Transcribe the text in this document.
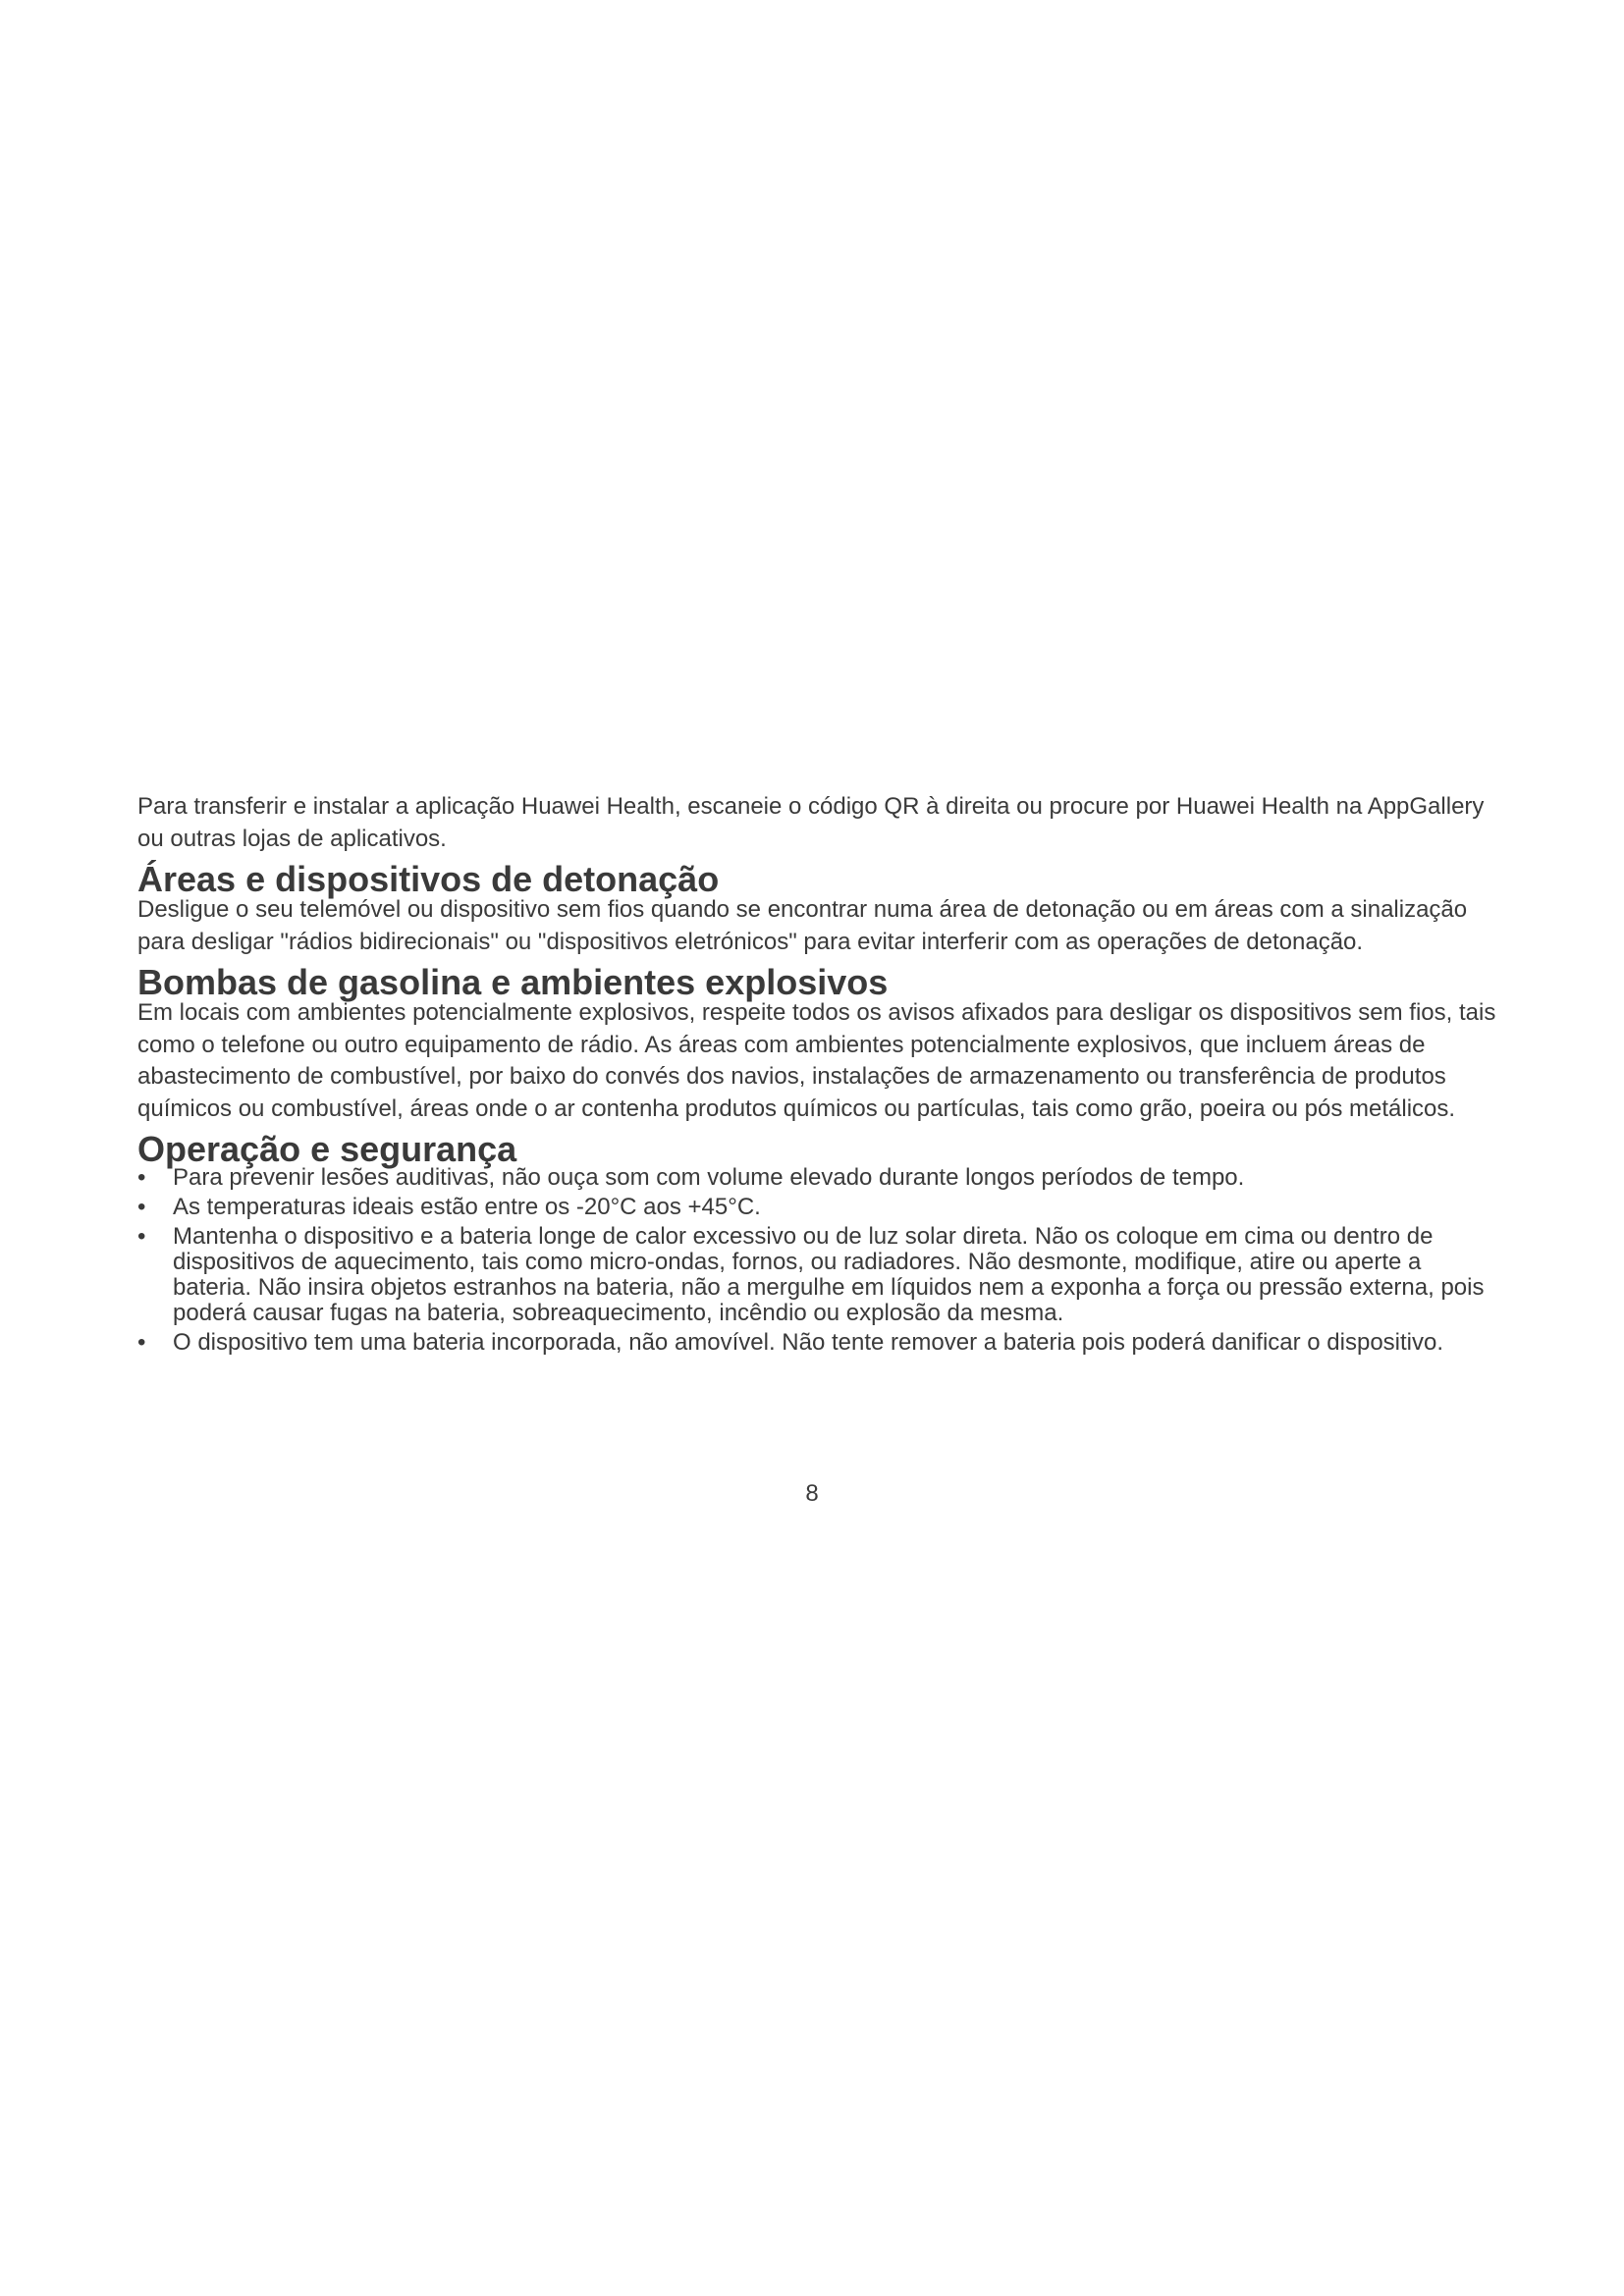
Para transferir e instalar a aplicação Huawei Health, escaneie o código QR à direita ou procure por Huawei Health na AppGallery ou outras lojas de aplicativos.

Áreas e dispositivos de detonação

Desligue o seu telemóvel ou dispositivo sem fios quando se encontrar numa área de detonação ou em áreas com a sinalização para desligar "rádios bidirecionais" ou "dispositivos eletrónicos" para evitar interferir com as operações de detonação.

Bombas de gasolina e ambientes explosivos

Em locais com ambientes potencialmente explosivos, respeite todos os avisos afixados para desligar os dispositivos sem fios, tais como o telefone ou outro equipamento de rádio. As áreas com ambientes potencialmente explosivos, que incluem áreas de abastecimento de combustível, por baixo do convés dos navios, instalações de armazenamento ou transferência de produtos químicos ou combustível, áreas onde o ar contenha produtos químicos ou partículas, tais como grão, poeira ou pós metálicos.

Operação e segurança
• Para prevenir lesões auditivas, não ouça som com volume elevado durante longos períodos de tempo.
• As temperaturas ideais estão entre os -20°C aos +45°C.
• Mantenha o dispositivo e a bateria longe de calor excessivo ou de luz solar direta. Não os coloque em cima ou dentro de dispositivos de aquecimento, tais como micro-ondas, fornos, ou radiadores. Não desmonte, modifique, atire ou aperte a bateria. Não insira objetos estranhos na bateria, não a mergulhe em líquidos nem a exponha a força ou pressão externa, pois poderá causar fugas na bateria, sobreaquecimento, incêndio ou explosão da mesma.
• O dispositivo tem uma bateria incorporada, não amovível. Não tente remover a bateria pois poderá danificar o dispositivo.
8
